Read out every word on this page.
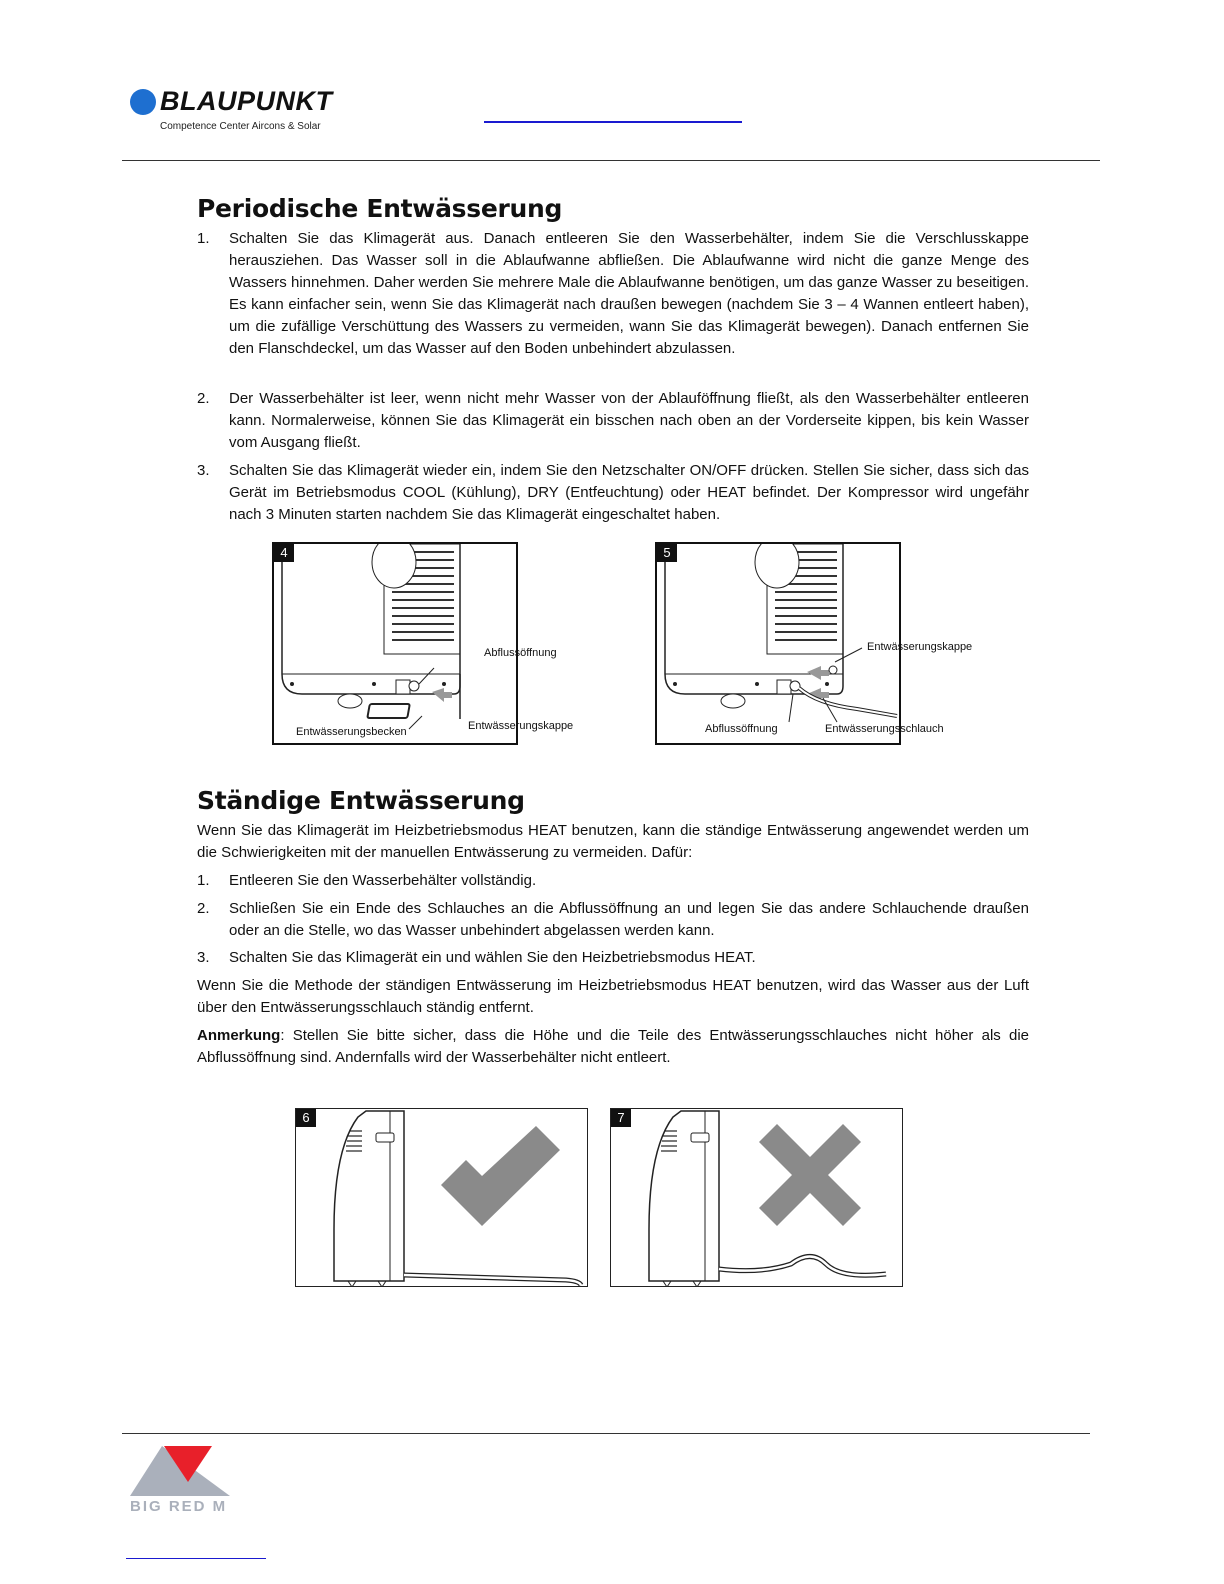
BLAUPUNKT
Competence Center Aircons & Solar
Periodische Entwässerung
1. Schalten Sie das Klimagerät aus. Danach entleeren Sie den Wasserbehälter, indem Sie die Verschlusskappe herausziehen. Das Wasser soll in die Ablaufwanne abfließen. Die Ablaufwanne wird nicht die ganze Menge des Wassers hinnehmen. Daher werden Sie mehrere Male die Ablaufwanne benötigen, um das ganze Wasser zu beseitigen. Es kann einfacher sein, wenn Sie das Klimagerät nach draußen bewegen (nachdem Sie 3 – 4 Wannen entleert haben), um die zufällige Verschüttung des Wassers zu vermeiden, wann Sie das Klimagerät bewegen). Danach entfernen Sie den Flanschdeckel, um das Wasser auf den Boden unbehindert abzulassen.
2. Der Wasserbehälter ist leer, wenn nicht mehr Wasser von der Ablauföffnung fließt, als den Wasserbehälter entleeren kann. Normalerweise, können Sie das Klimagerät ein bisschen nach oben an der Vorderseite kippen, bis kein Wasser vom Ausgang fließt.
3. Schalten Sie das Klimagerät wieder ein, indem Sie den Netzschalter ON/OFF drücken. Stellen Sie sicher, dass sich das Gerät im Betriebsmodus COOL (Kühlung), DRY (Entfeuchtung) oder HEAT befindet. Der Kompressor wird ungefähr nach 3 Minuten starten nachdem Sie das Klimagerät eingeschaltet haben.
4
Abflussöffnung
Entwässerungsbecken	Entwässerungskappe
5
Entwässerungskappe
Abflussöffnung	Entwässerungsschlauch
Ständige Entwässerung
Wenn Sie das Klimagerät im Heizbetriebsmodus HEAT benutzen, kann die ständige Entwässerung angewendet werden um die Schwierigkeiten mit der manuellen Entwässerung zu vermeiden. Dafür:
1. Entleeren Sie den Wasserbehälter vollständig.
2. Schließen Sie ein Ende des Schlauches an die Abflussöffnung an und legen Sie das andere Schlauchende draußen oder an die Stelle, wo das Wasser unbehindert abgelassen werden kann.
3. Schalten Sie das Klimagerät ein und wählen Sie den Heizbetriebsmodus HEAT.
Wenn Sie die Methode der ständigen Entwässerung im Heizbetriebsmodus HEAT benutzen, wird das Wasser aus der Luft über den Entwässerungsschlauch ständig entfernt.
Anmerkung: Stellen Sie bitte sicher, dass die Höhe und die Teile des Entwässerungsschlauches nicht höher als die Abflussöffnung sind. Andernfalls wird der Wasserbehälter nicht entleert.
6	7
BIG RED M
